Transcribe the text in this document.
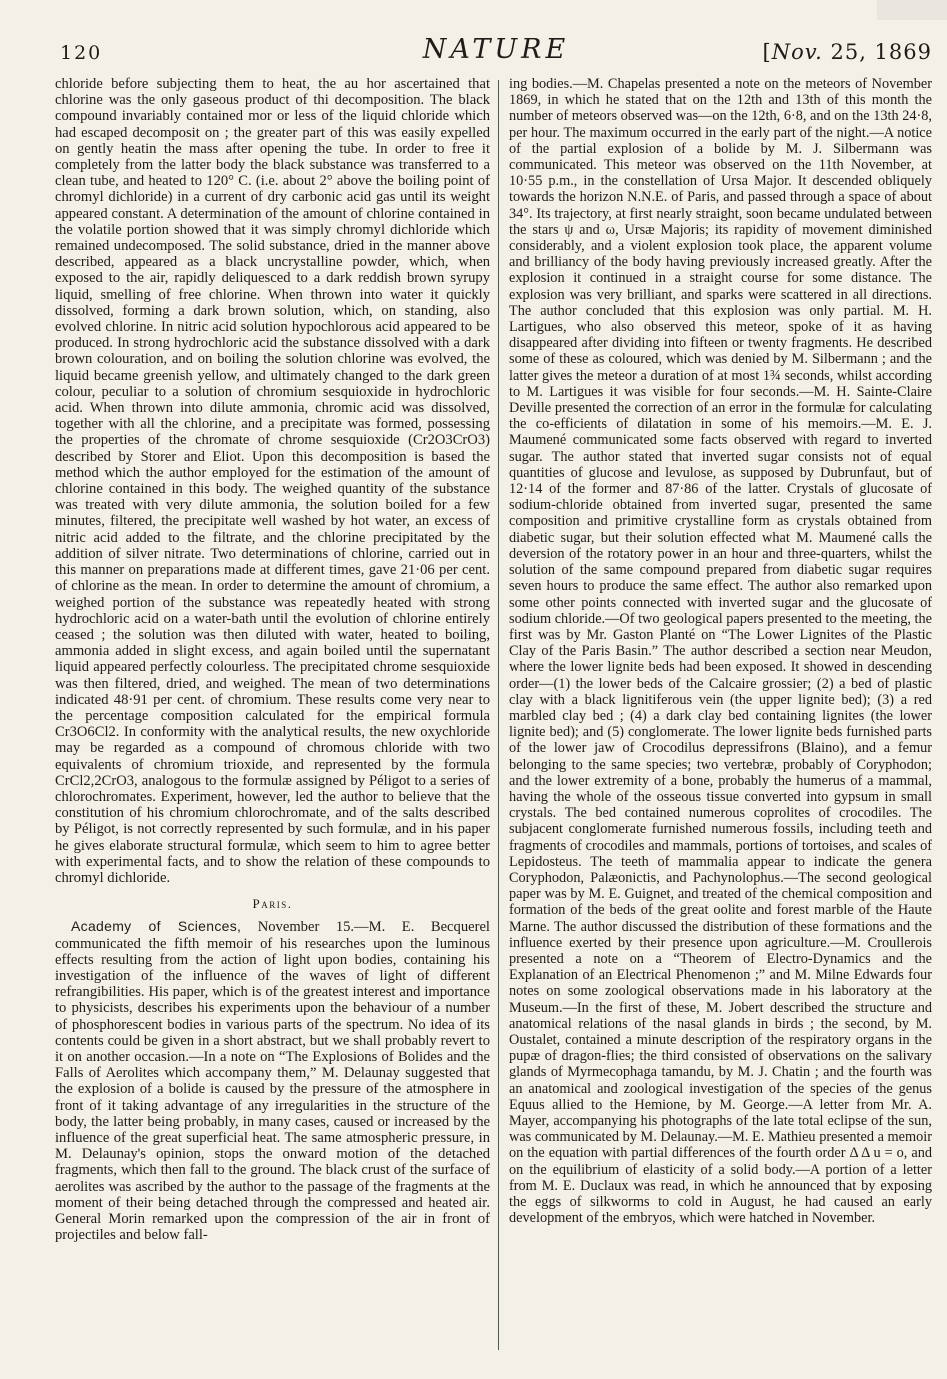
120	NATURE	[Nov. 25, 1869

chloride before subjecting them to heat, the au hor ascertained that chlorine was the only gaseous product of thi decomposition. The black compound invariably contained mor or less of the liquid chloride which had escaped decomposit on ; the greater part of this was easily expelled on gently heatin the mass after opening the tube. In order to free it completely from the latter body the black substance was transferred to a clean tube, and heated to 120° C. (i.e. about 2° above the boiling point of chromyl dichloride) in a current of dry carbonic acid gas until its weight appeared constant. A determination of the amount of chlorine contained in the volatile portion showed that it was simply chromyl dichloride which remained undecomposed. The solid substance, dried in the manner above described, appeared as a black uncrystalline powder, which, when exposed to the air, rapidly deliquesced to a dark reddish brown syrupy liquid, smelling of free chlorine. When thrown into water it quickly dissolved, forming a dark brown solution, which, on standing, also evolved chlorine. In nitric acid solution hypochlorous acid appeared to be produced. In strong hydrochloric acid the substance dissolved with a dark brown colouration, and on boiling the solution chlorine was evolved, the liquid became greenish yellow, and ultimately changed to the dark green colour, peculiar to a solution of chromium sesquioxide in hydrochloric acid. When thrown into dilute ammonia, chromic acid was dissolved, together with all the chlorine, and a precipitate was formed, possessing the properties of the chromate of chrome sesquioxide (Cr2O3CrO3) described by Storer and Eliot. Upon this decomposition is based the method which the author employed for the estimation of the amount of chlorine contained in this body. The weighed quantity of the substance was treated with very dilute ammonia, the solution boiled for a few minutes, filtered, the precipitate well washed by hot water, an excess of nitric acid added to the filtrate, and the chlorine precipitated by the addition of silver nitrate. Two determinations of chlorine, carried out in this manner on preparations made at different times, gave 21·06 per cent. of chlorine as the mean. In order to determine the amount of chromium, a weighed portion of the substance was repeatedly heated with strong hydrochloric acid on a water-bath until the evolution of chlorine entirely ceased ; the solution was then diluted with water, heated to boiling, ammonia added in slight excess, and again boiled until the supernatant liquid appeared perfectly colourless. The precipitated chrome sesquioxide was then filtered, dried, and weighed. The mean of two determinations indicated 48·91 per cent. of chromium. These results come very near to the percentage composition calculated for the empirical formula Cr3O6Cl2. In conformity with the analytical results, the new oxychloride may be regarded as a compound of chromous chloride with two equivalents of chromium trioxide, and represented by the formula CrCl2,2CrO3, analogous to the formulæ assigned by Péligot to a series of chlorochromates. Experiment, however, led the author to believe that the constitution of his chromium chlorochromate, and of the salts described by Péligot, is not correctly represented by such formulæ, and in his paper he gives elaborate structural formulæ, which seem to him to agree better with experimental facts, and to show the relation of these compounds to chromyl dichloride.

Paris.

Academy of Sciences, November 15.—M. E. Becquerel communicated the fifth memoir of his researches upon the luminous effects resulting from the action of light upon bodies, containing his investigation of the influence of the waves of light of different refrangibilities. His paper, which is of the greatest interest and importance to physicists, describes his experiments upon the behaviour of a number of phosphorescent bodies in various parts of the spectrum. No idea of its contents could be given in a short abstract, but we shall probably revert to it on another occasion.—In a note on “The Explosions of Bolides and the Falls of Aerolites which accompany them,” M. Delaunay suggested that the explosion of a bolide is caused by the pressure of the atmosphere in front of it taking advantage of any irregularities in the structure of the body, the latter being probably, in many cases, caused or increased by the influence of the great superficial heat. The same atmospheric pressure, in M. Delaunay's opinion, stops the onward motion of the detached fragments, which then fall to the ground. The black crust of the surface of aerolites was ascribed by the author to the passage of the fragments at the moment of their being detached through the compressed and heated air. General Morin remarked upon the compression of the air in front of projectiles and below fall-

ing bodies.—M. Chapelas presented a note on the meteors of November 1869, in which he stated that on the 12th and 13th of this month the number of meteors observed was—on the 12th, 6·8, and on the 13th 24·8, per hour. The maximum occurred in the early part of the night.—A notice of the partial explosion of a bolide by M. J. Silbermann was communicated. This meteor was observed on the 11th November, at 10·55 p.m., in the constellation of Ursa Major. It descended obliquely towards the horizon N.N.E. of Paris, and passed through a space of about 34°. Its trajectory, at first nearly straight, soon became undulated between the stars ψ and ω, Ursæ Majoris; its rapidity of movement diminished considerably, and a violent explosion took place, the apparent volume and brilliancy of the body having previously increased greatly. After the explosion it continued in a straight course for some distance. The explosion was very brilliant, and sparks were scattered in all directions. The author concluded that this explosion was only partial. M. H. Lartigues, who also observed this meteor, spoke of it as having disappeared after dividing into fifteen or twenty fragments. He described some of these as coloured, which was denied by M. Silbermann ; and the latter gives the meteor a duration of at most 1¾ seconds, whilst according to M. Lartigues it was visible for four seconds.—M. H. Sainte-Claire Deville presented the correction of an error in the formulæ for calculating the co-efficients of dilatation in some of his memoirs.—M. E. J. Maumené communicated some facts observed with regard to inverted sugar. The author stated that inverted sugar consists not of equal quantities of glucose and levulose, as supposed by Dubrunfaut, but of 12·14 of the former and 87·86 of the latter. Crystals of glucosate of sodium-chloride obtained from inverted sugar, presented the same composition and primitive crystalline form as crystals obtained from diabetic sugar, but their solution effected what M. Maumené calls the deversion of the rotatory power in an hour and three-quarters, whilst the solution of the same compound prepared from diabetic sugar requires seven hours to produce the same effect. The author also remarked upon some other points connected with inverted sugar and the glucosate of sodium chloride.—Of two geological papers presented to the meeting, the first was by Mr. Gaston Planté on “The Lower Lignites of the Plastic Clay of the Paris Basin.” The author described a section near Meudon, where the lower lignite beds had been exposed. It showed in descending order—(1) the lower beds of the Calcaire grossier; (2) a bed of plastic clay with a black lignitiferous vein (the upper lignite bed); (3) a red marbled clay bed ; (4) a dark clay bed containing lignites (the lower lignite bed); and (5) conglomerate. The lower lignite beds furnished parts of the lower jaw of Crocodilus depressifrons (Blaino), and a femur belonging to the same species; two vertebræ, probably of Coryphodon; and the lower extremity of a bone, probably the humerus of a mammal, having the whole of the osseous tissue converted into gypsum in small crystals. The bed contained numerous coprolites of crocodiles. The subjacent conglomerate furnished numerous fossils, including teeth and fragments of crocodiles and mammals, portions of tortoises, and scales of Lepidosteus. The teeth of mammalia appear to indicate the genera Coryphodon, Palæonictis, and Pachynolophus.—The second geological paper was by M. E. Guignet, and treated of the chemical composition and formation of the beds of the great oolite and forest marble of the Haute Marne. The author discussed the distribution of these formations and the influence exerted by their presence upon agriculture.—M. Croullerois presented a note on a “Theorem of Electro-Dynamics and the Explanation of an Electrical Phenomenon ;” and M. Milne Edwards four notes on some zoological observations made in his laboratory at the Museum.—In the first of these, M. Jobert described the structure and anatomical relations of the nasal glands in birds ; the second, by M. Oustalet, contained a minute description of the respiratory organs in the pupæ of dragon-flies; the third consisted of observations on the salivary glands of Myrmecophaga tamandu, by M. J. Chatin ; and the fourth was an anatomical and zoological investigation of the species of the genus Equus allied to the Hemione, by M. George.—A letter from Mr. A. Mayer, accompanying his photographs of the late total eclipse of the sun, was communicated by M. Delaunay.—M. E. Mathieu presented a memoir on the equation with partial differences of the fourth order Δ Δ u = o, and on the equilibrium of elasticity of a solid body.—A portion of a letter from M. E. Duclaux was read, in which he announced that by exposing the eggs of silkworms to cold in August, he had caused an early development of the embryos, which were hatched in November.
